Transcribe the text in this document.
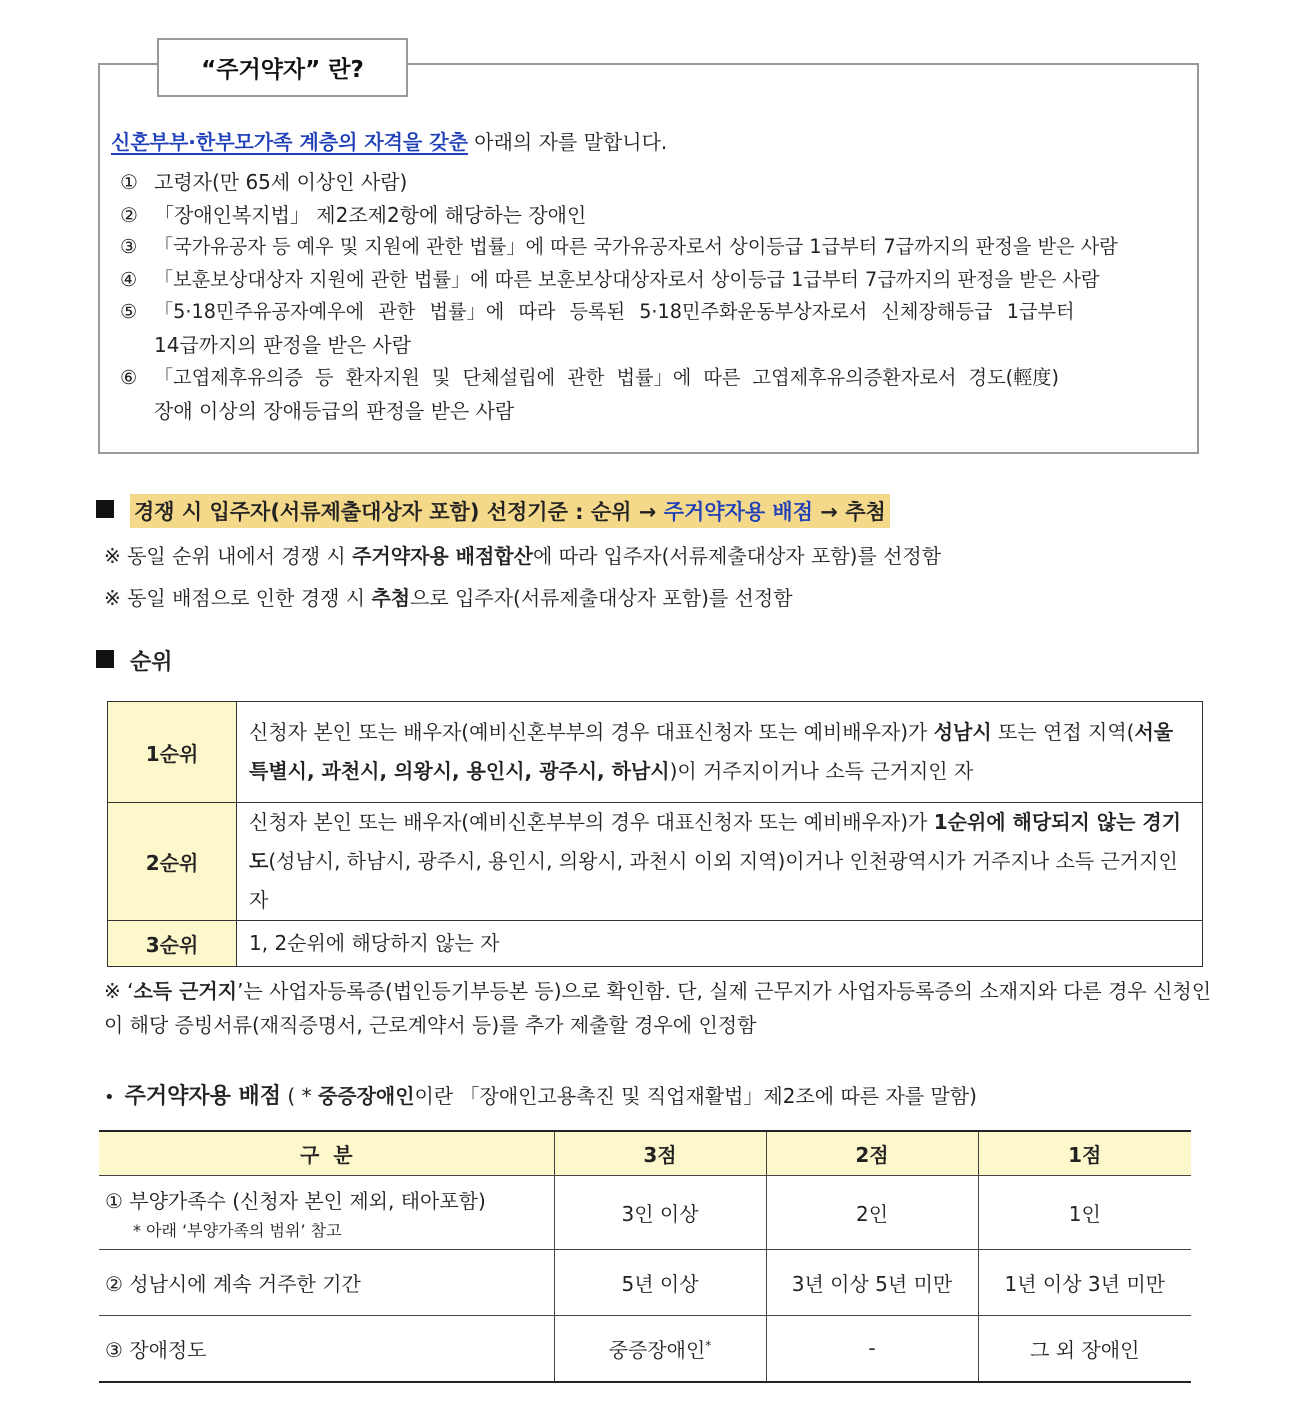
“주거약자” 란?
신혼부부·한부모가족 계층의 자격을 갖춘 아래의 자를 말합니다.
① 고령자(만 65세 이상인 사람)
② 「장애인복지법」 제2조제2항에 해당하는 장애인
③ 「국가유공자 등 예우 및 지원에 관한 법률」에 따른 국가유공자로서 상이등급 1급부터 7급까지의 판정을 받은 사람
④ 「보훈보상대상자 지원에 관한 법률」에 따른 보훈보상대상자로서 상이등급 1급부터 7급까지의 판정을 받은 사람
⑤ 「5·18민주유공자예우에 관한 법률」에 따라 등록된 5·18민주화운동부상자로서 신체장해등급 1급부터
14급까지의 판정을 받은 사람
⑥ 「고엽제후유의증 등 환자지원 및 단체설립에 관한 법률」에 따른 고엽제후유의증환자로서 경도(輕度)
장애 이상의 장애등급의 판정을 받은 사람
경쟁 시 입주자(서류제출대상자 포함) 선정기준 : 순위 → 주거약자용 배점 → 추첨
※ 동일 순위 내에서 경쟁 시 주거약자용 배점합산에 따라 입주자(서류제출대상자 포함)를 선정함
※ 동일 배점으로 인한 경쟁 시 추첨으로 입주자(서류제출대상자 포함)를 선정함
순위
1순위	신청자 본인 또는 배우자(예비신혼부부의 경우 대표신청자 또는 예비배우자)가 성남시 또는 연접 지역(서울특별시, 과천시, 의왕시, 용인시, 광주시, 하남시)이 거주지이거나 소득 근거지인 자
2순위	신청자 본인 또는 배우자(예비신혼부부의 경우 대표신청자 또는 예비배우자)가 1순위에 해당되지 않는 경기도(성남시, 하남시, 광주시, 용인시, 의왕시, 과천시 이외 지역)이거나 인천광역시가 거주지나 소득 근거지인 자
3순위	1, 2순위에 해당하지 않는 자
※ ‘소득 근거지’는 사업자등록증(법인등기부등본 등)으로 확인함. 단, 실제 근무지가 사업자등록증의 소재지와 다른 경우 신청인이 해당 증빙서류(재직증명서, 근로계약서 등)를 추가 제출할 경우에 인정함
• 주거약자용 배점 ( * 중증장애인이란 「장애인고용촉진 및 직업재활법」제2조에 따른 자를 말함)
구  분	3점	2점	1점

① 부양가족수 (신청자 본인 제외, 태아포함)
* 아래 ‘부양가족의 범위’ 참고	3인 이상	2인	1인
② 성남시에 계속 거주한 기간	5년 이상	3년 이상 5년 미만	1년 이상 3년 미만
③ 장애정도	중증장애인*	-	그 외 장애인
